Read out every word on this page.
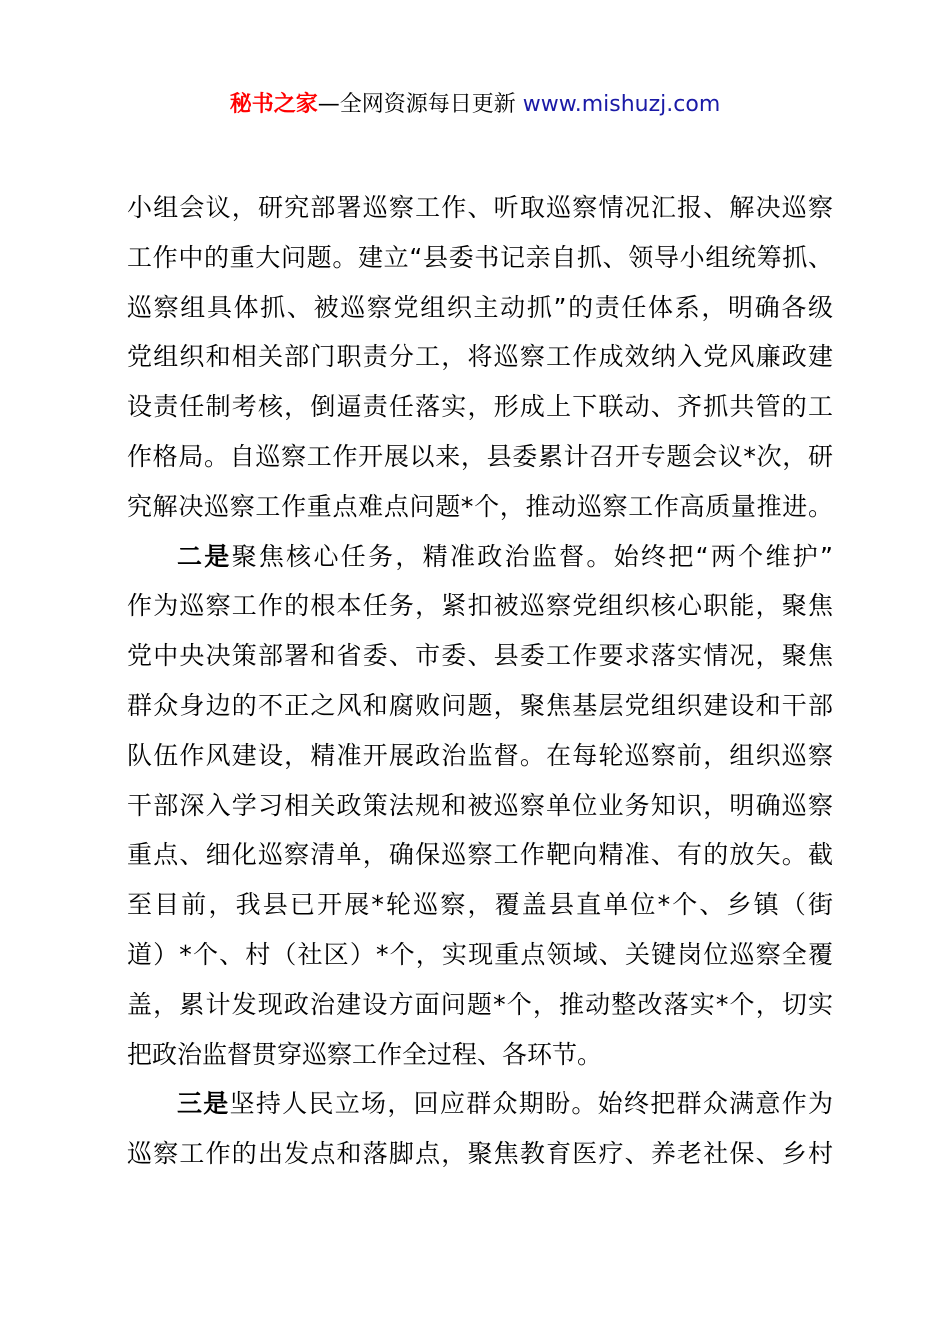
秘书之家—全网资源每日更新 www.mishuzj.com
小组会议，研究部署巡察工作、听取巡察情况汇报、解决巡察
工作中的重大问题。建立“县委书记亲自抓、领导小组统筹抓、
巡察组具体抓、被巡察党组织主动抓”的责任体系，明确各级
党组织和相关部门职责分工，将巡察工作成效纳入党风廉政建
设责任制考核，倒逼责任落实，形成上下联动、齐抓共管的工
作格局。自巡察工作开展以来，县委累计召开专题会议*次，研
究解决巡察工作重点难点问题*个，推动巡察工作高质量推进。
二是聚焦核心任务，精准政治监督。始终把“两个维护”
作为巡察工作的根本任务，紧扣被巡察党组织核心职能，聚焦
党中央决策部署和省委、市委、县委工作要求落实情况，聚焦
群众身边的不正之风和腐败问题，聚焦基层党组织建设和干部
队伍作风建设，精准开展政治监督。在每轮巡察前，组织巡察
干部深入学习相关政策法规和被巡察单位业务知识，明确巡察
重点、细化巡察清单，确保巡察工作靶向精准、有的放矢。截
至目前，我县已开展*轮巡察，覆盖县直单位*个、乡镇（街
道）*个、村（社区）*个，实现重点领域、关键岗位巡察全覆
盖，累计发现政治建设方面问题*个，推动整改落实*个，切实
把政治监督贯穿巡察工作全过程、各环节。
三是坚持人民立场，回应群众期盼。始终把群众满意作为
巡察工作的出发点和落脚点，聚焦教育医疗、养老社保、乡村
